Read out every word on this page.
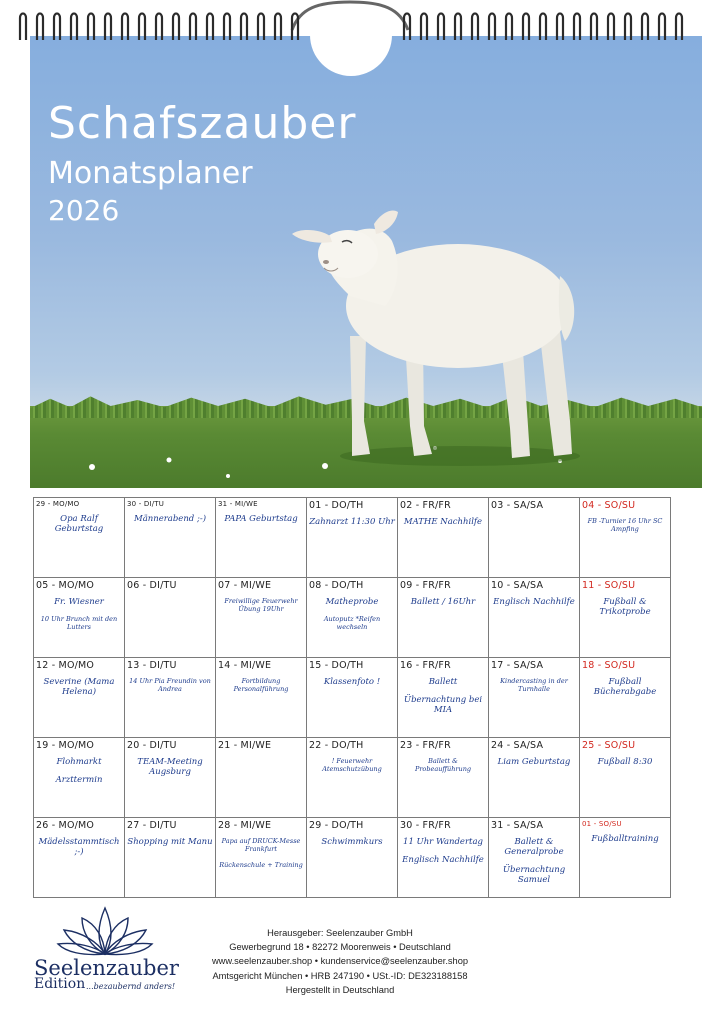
Schafszauber
Monatsplaner
2026
29 - MO/MO
Opa Ralf Geburtstag	30 - DI/TU
Männerabend ;-)	31 - MI/WE
PAPA Geburtstag	01 - DO/TH
Zahnarzt 11:30 Uhr	02 - FR/FR
MATHE Nachhilfe	03 - SA/SA	04 - SO/SU
FB -Turnier 16 Uhr SC Ampfing

05 - MO/MO
Fr. Wiesner
10 Uhr Brunch mit den Lutters	06 - DI/TU	07 - MI/WE
Freiwillige Feuerwehr Übung 19Uhr	08 - DO/TH
Matheprobe
Autoputz *Reifen wechseln	09 - FR/FR
Ballett / 16Uhr	10 - SA/SA
Englisch Nachhilfe	11 - SO/SU
Fußball & Trikotprobe

12 - MO/MO
Severine (Mama Helena)	13 - DI/TU
14 Uhr Pia Freundin von Andrea	14 - MI/WE
Fortbildung Personalführung	15 - DO/TH
Klassenfoto !	16 - FR/FR
Ballett
Übernachtung bei MIA	17 - SA/SA
Kindercasting in der Turnhalle	18 - SO/SU
Fußball Bücherabgabe

19 - MO/MO
Flohmarkt
Arzttermin	20 - DI/TU
TEAM-Meeting Augsburg	21 - MI/WE	22 - DO/TH
! Feuerwehr Atemschutzübung	23 - FR/FR
Ballett & Probeaufführung	24 - SA/SA
Liam Geburtstag	25 - SO/SU
Fußball 8:30

26 - MO/MO
Mädelsstammtisch ;-)	27 - DI/TU
Shopping mit Manu	28 - MI/WE
Papa auf DRUCK-Messe Frankfurt
Rückenschule + Training	29 - DO/TH
Schwimmkurs	30 - FR/FR
11 Uhr Wandertag
Englisch Nachhilfe	31 - SA/SA
Ballett & Generalprobe
Übernachtung Samuel	01 - SO/SU
Fußballtraining
Seelenzauber
Edition ...bezaubernd anders!
Herausgeber: Seelenzauber GmbH
Gewerbegrund 18 • 82272 Moorenweis • Deutschland
www.seelenzauber.shop • kundenservice@seelenzauber.shop
Amtsgericht München • HRB 247190 • USt.-ID: DE323188158
Hergestellt in Deutschland
